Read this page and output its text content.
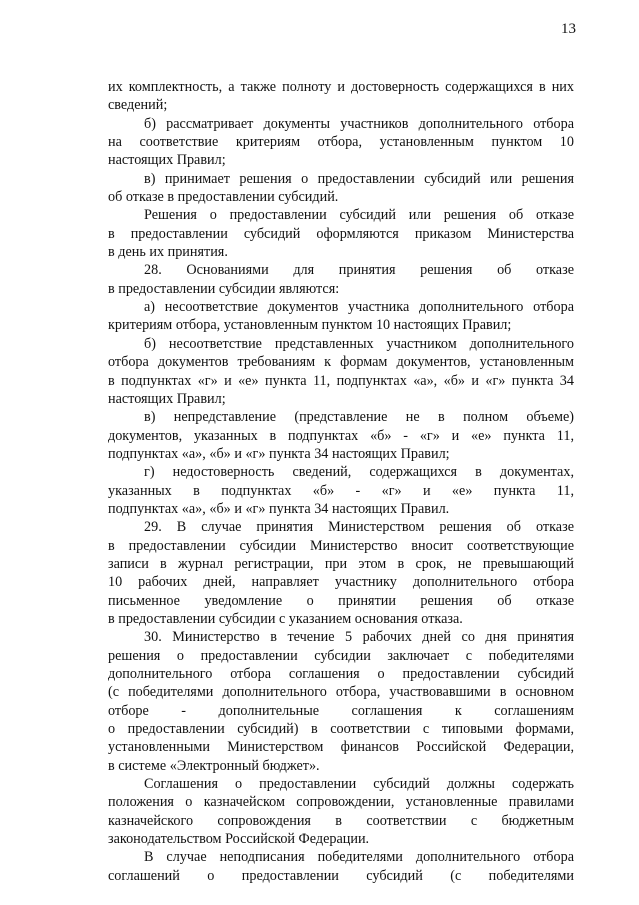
13
их комплектность, а также полноту и достоверность содержащихся в них
сведений;
б) рассматривает документы участников дополнительного отбора
на соответствие критериям отбора, установленным пунктом 10
настоящих Правил;
в) принимает решения о предоставлении субсидий или решения
об отказе в предоставлении субсидий.
Решения о предоставлении субсидий или решения об отказе
в предоставлении субсидий оформляются приказом Министерства
в день их принятия.
28. Основаниями для принятия решения об отказе
в предоставлении субсидии являются:
а) несоответствие документов участника дополнительного отбора
критериям отбора, установленным пунктом 10 настоящих Правил;
б) несоответствие представленных участником дополнительного
отбора документов требованиям к формам документов, установленным
в подпунктах «г» и «е» пункта 11, подпунктах «а», «б» и «г» пункта 34
настоящих Правил;
в) непредставление (представление не в полном объеме)
документов, указанных в подпунктах «б» - «г» и «е» пункта 11,
подпунктах «а», «б» и «г» пункта 34 настоящих Правил;
г) недостоверность сведений, содержащихся в документах,
указанных в подпунктах «б» - «г» и «е» пункта 11,
подпунктах «а», «б» и «г» пункта 34 настоящих Правил.
29. В случае принятия Министерством решения об отказе
в предоставлении субсидии Министерство вносит соответствующие
записи в журнал регистрации, при этом в срок, не превышающий
10 рабочих дней, направляет участнику дополнительного отбора
письменное уведомление о принятии решения об отказе
в предоставлении субсидии с указанием основания отказа.
30. Министерство в течение 5 рабочих дней со дня принятия
решения о предоставлении субсидии заключает с победителями
дополнительного отбора соглашения о предоставлении субсидий
(с победителями дополнительного отбора, участвовавшими в основном
отборе - дополнительные соглашения к соглашениям
о предоставлении субсидий) в соответствии с типовыми формами,
установленными Министерством финансов Российской Федерации,
в системе «Электронный бюджет».
Соглашения о предоставлении субсидий должны содержать
положения о казначейском сопровождении, установленные правилами
казначейского сопровождения в соответствии с бюджетным
законодательством Российской Федерации.
В случае неподписания победителями дополнительного отбора
соглашений о предоставлении субсидий (с победителями
